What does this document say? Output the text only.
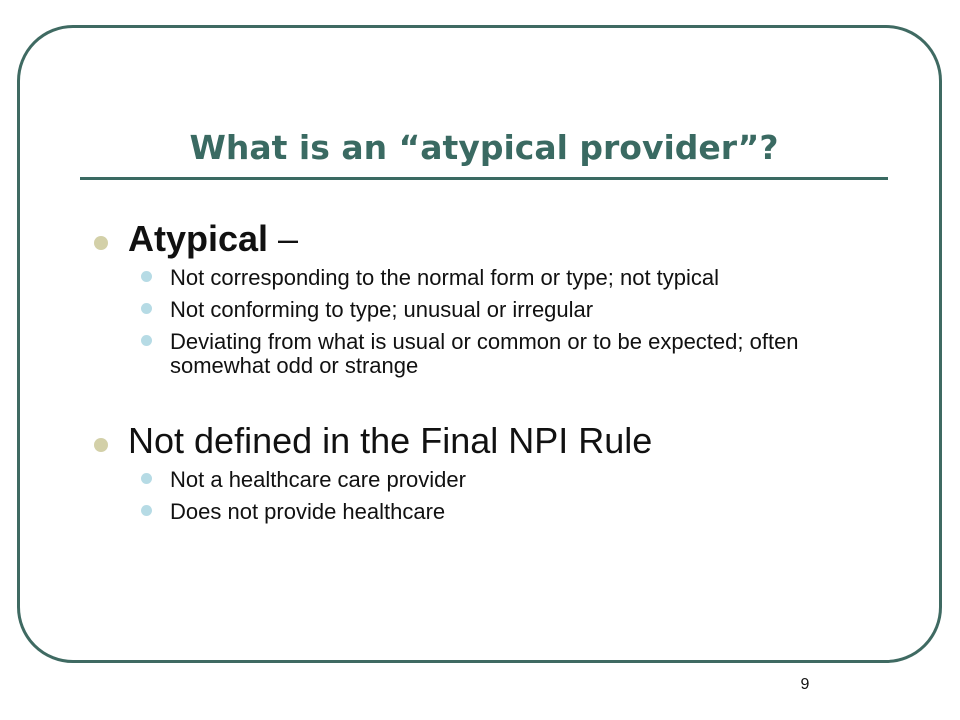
What is an “atypical provider”?
Atypical –
Not corresponding to the normal form or type; not typical
Not conforming to type; unusual or irregular
Deviating from what is usual or common or to be expected; often somewhat odd or strange
Not defined in the Final NPI Rule
Not a healthcare care provider
Does not provide healthcare
9
